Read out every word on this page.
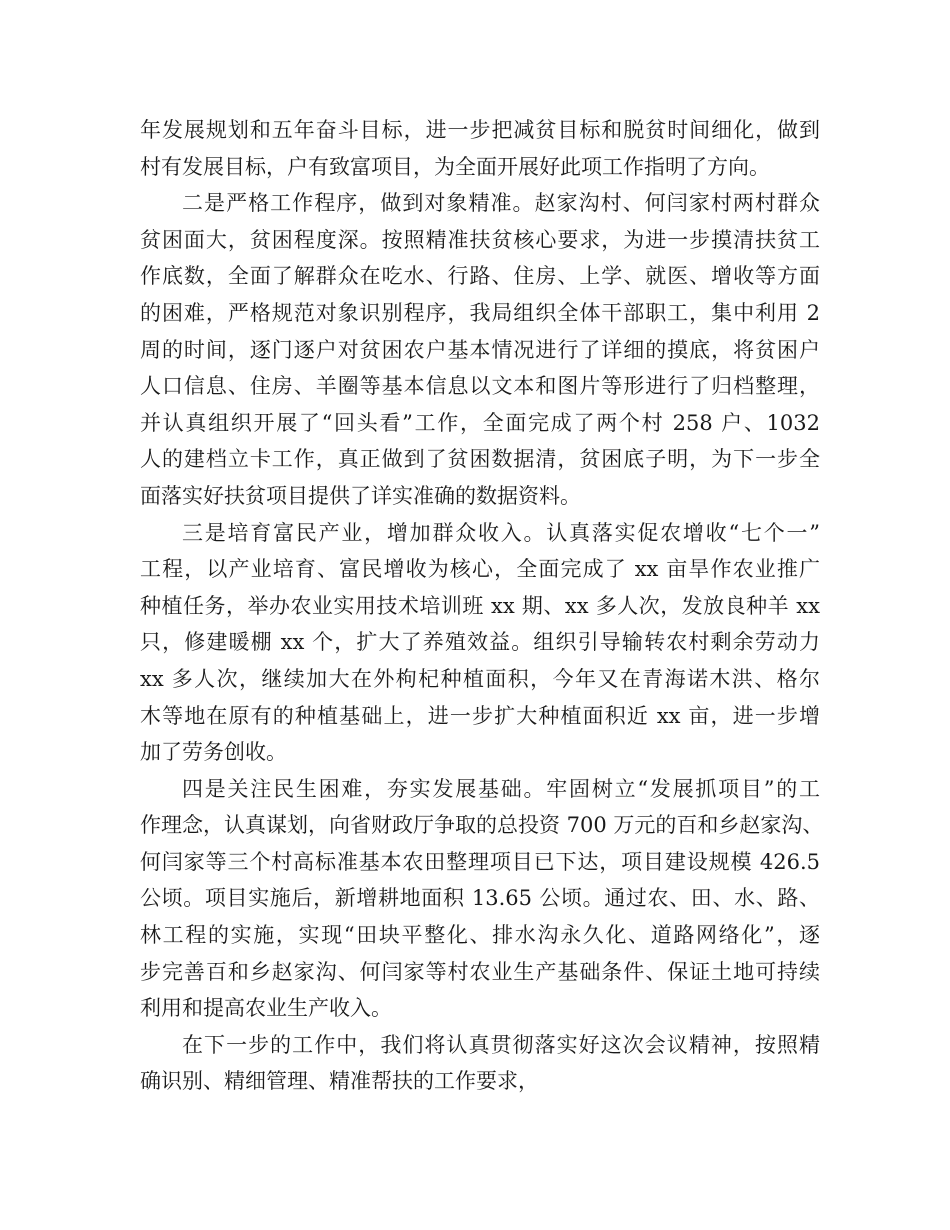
年发展规划和五年奋斗目标，进一步把减贫目标和脱贫时间细化，做到
村有发展目标，户有致富项目，为全面开展好此项工作指明了方向。
二是严格工作程序，做到对象精准。赵家沟村、何闫家村两村群众
贫困面大，贫困程度深。按照精准扶贫核心要求，为进一步摸清扶贫工
作底数，全面了解群众在吃水、行路、住房、上学、就医、增收等方面
的困难，严格规范对象识别程序，我局组织全体干部职工，集中利用 2
周的时间，逐门逐户对贫困农户基本情况进行了详细的摸底，将贫困户
人口信息、住房、羊圈等基本信息以文本和图片等形进行了归档整理，
并认真组织开展了“回头看”工作，全面完成了两个村 258 户、1032
人的建档立卡工作，真正做到了贫困数据清，贫困底子明，为下一步全
面落实好扶贫项目提供了详实准确的数据资料。
三是培育富民产业，增加群众收入。认真落实促农增收“七个一”
工程，以产业培育、富民增收为核心，全面完成了 xx 亩旱作农业推广
种植任务，举办农业实用技术培训班 xx 期、xx 多人次，发放良种羊 xx
只，修建暖棚 xx 个，扩大了养殖效益。组织引导输转农村剩余劳动力
xx 多人次，继续加大在外枸杞种植面积，今年又在青海诺木洪、格尔
木等地在原有的种植基础上，进一步扩大种植面积近 xx 亩，进一步增
加了劳务创收。
四是关注民生困难，夯实发展基础。牢固树立“发展抓项目”的工
作理念，认真谋划，向省财政厅争取的总投资 700 万元的百和乡赵家沟、
何闫家等三个村高标准基本农田整理项目已下达，项目建设规模 426.5
公顷。项目实施后，新增耕地面积 13.65 公顷。通过农、田、水、路、
林工程的实施，实现“田块平整化、排水沟永久化、道路网络化”，逐
步完善百和乡赵家沟、何闫家等村农业生产基础条件、保证土地可持续
利用和提高农业生产收入。
在下一步的工作中，我们将认真贯彻落实好这次会议精神，按照精
确识别、精细管理、精准帮扶的工作要求，
